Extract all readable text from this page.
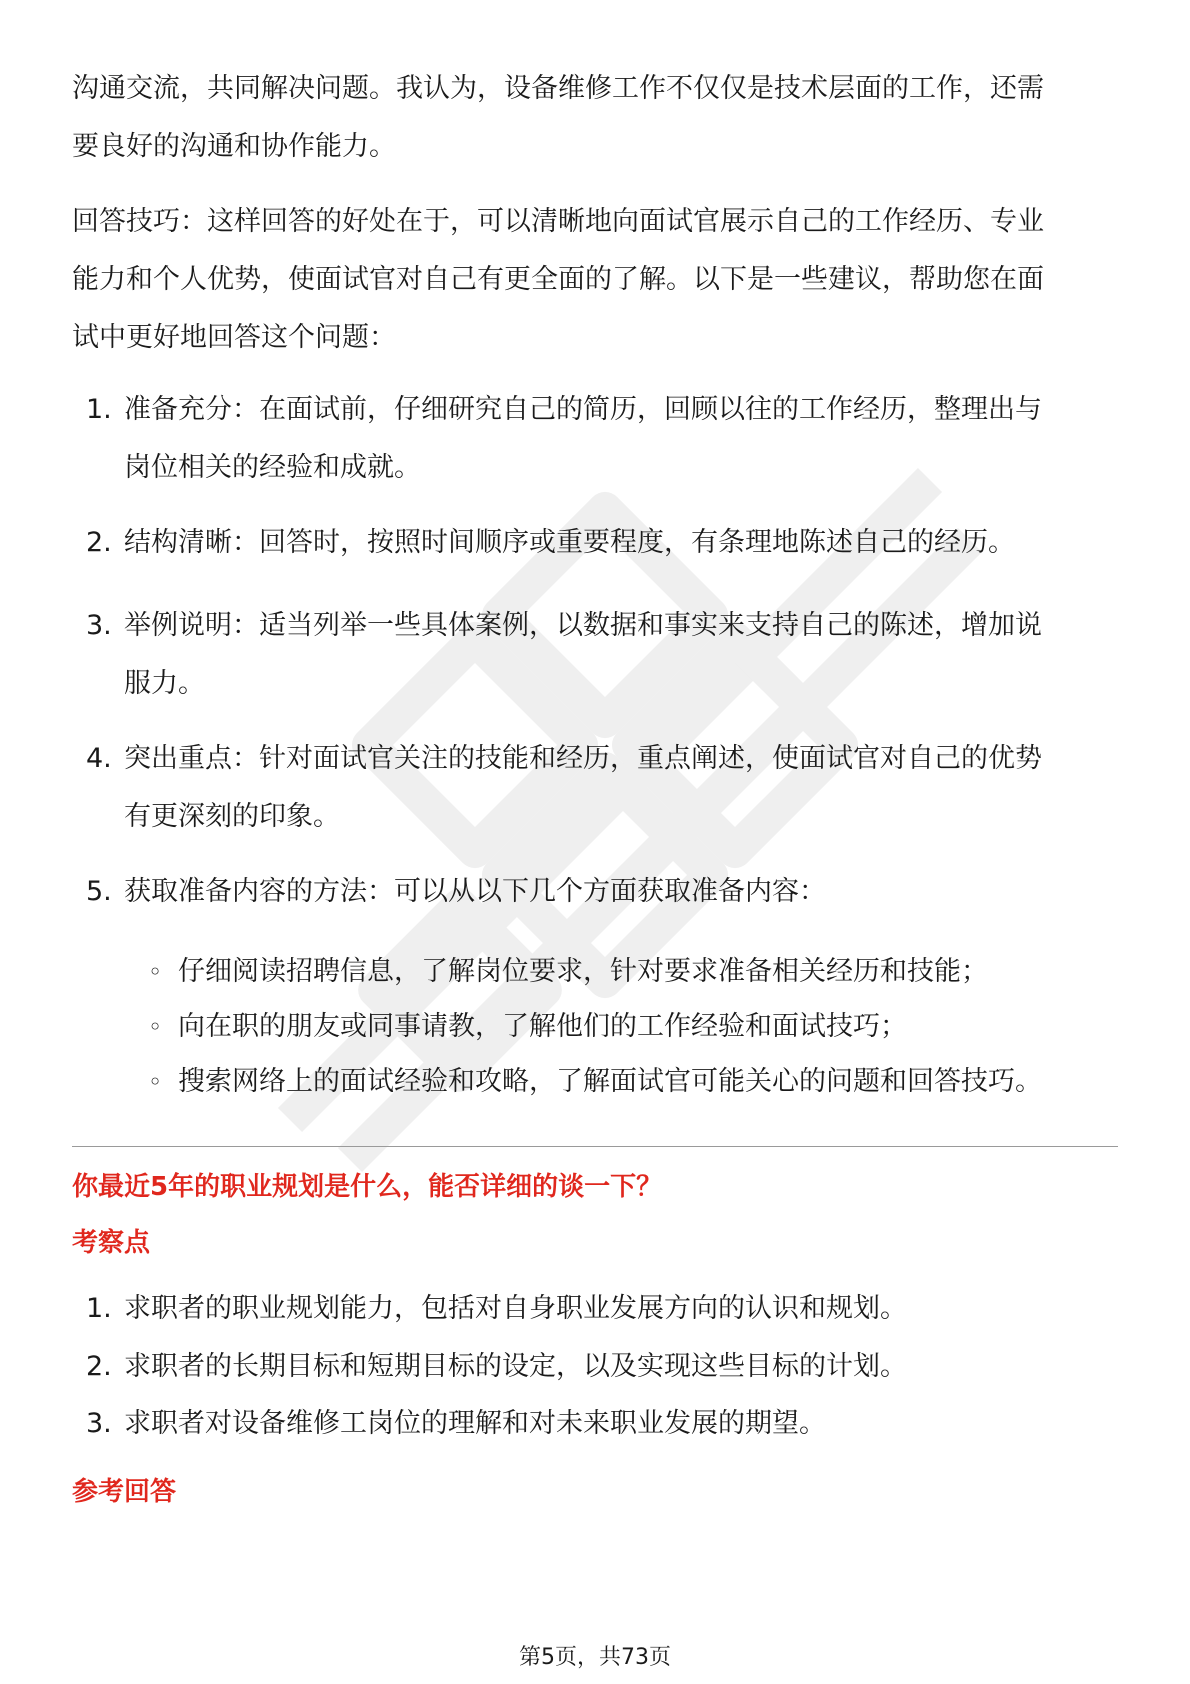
沟通交流，共同解决问题。我认为，设备维修工作不仅仅是技术层面的工作，还需
要良好的沟通和协作能力。
回答技巧：这样回答的好处在于，可以清晰地向面试官展示自己的工作经历、专业
能力和个人优势，使面试官对自己有更全面的了解。以下是一些建议，帮助您在面
试中更好地回答这个问题：
1. 准备充分：在面试前，仔细研究自己的简历，回顾以往的工作经历，整理出与
岗位相关的经验和成就。
2. 结构清晰：回答时，按照时间顺序或重要程度，有条理地陈述自己的经历。
3. 举例说明：适当列举一些具体案例，以数据和事实来支持自己的陈述，增加说
服力。
4. 突出重点：针对面试官关注的技能和经历，重点阐述，使面试官对自己的优势
有更深刻的印象。
5. 获取准备内容的方法：可以从以下几个方面获取准备内容：
◦ 仔细阅读招聘信息，了解岗位要求，针对要求准备相关经历和技能；
◦ 向在职的朋友或同事请教，了解他们的工作经验和面试技巧；
◦ 搜索网络上的面试经验和攻略，了解面试官可能关心的问题和回答技巧。
你最近5年的职业规划是什么，能否详细的谈一下？
考察点
1. 求职者的职业规划能力，包括对自身职业发展方向的认识和规划。
2. 求职者的长期目标和短期目标的设定，以及实现这些目标的计划。
3. 求职者对设备维修工岗位的理解和对未来职业发展的期望。
参考回答
第5页，共73页
